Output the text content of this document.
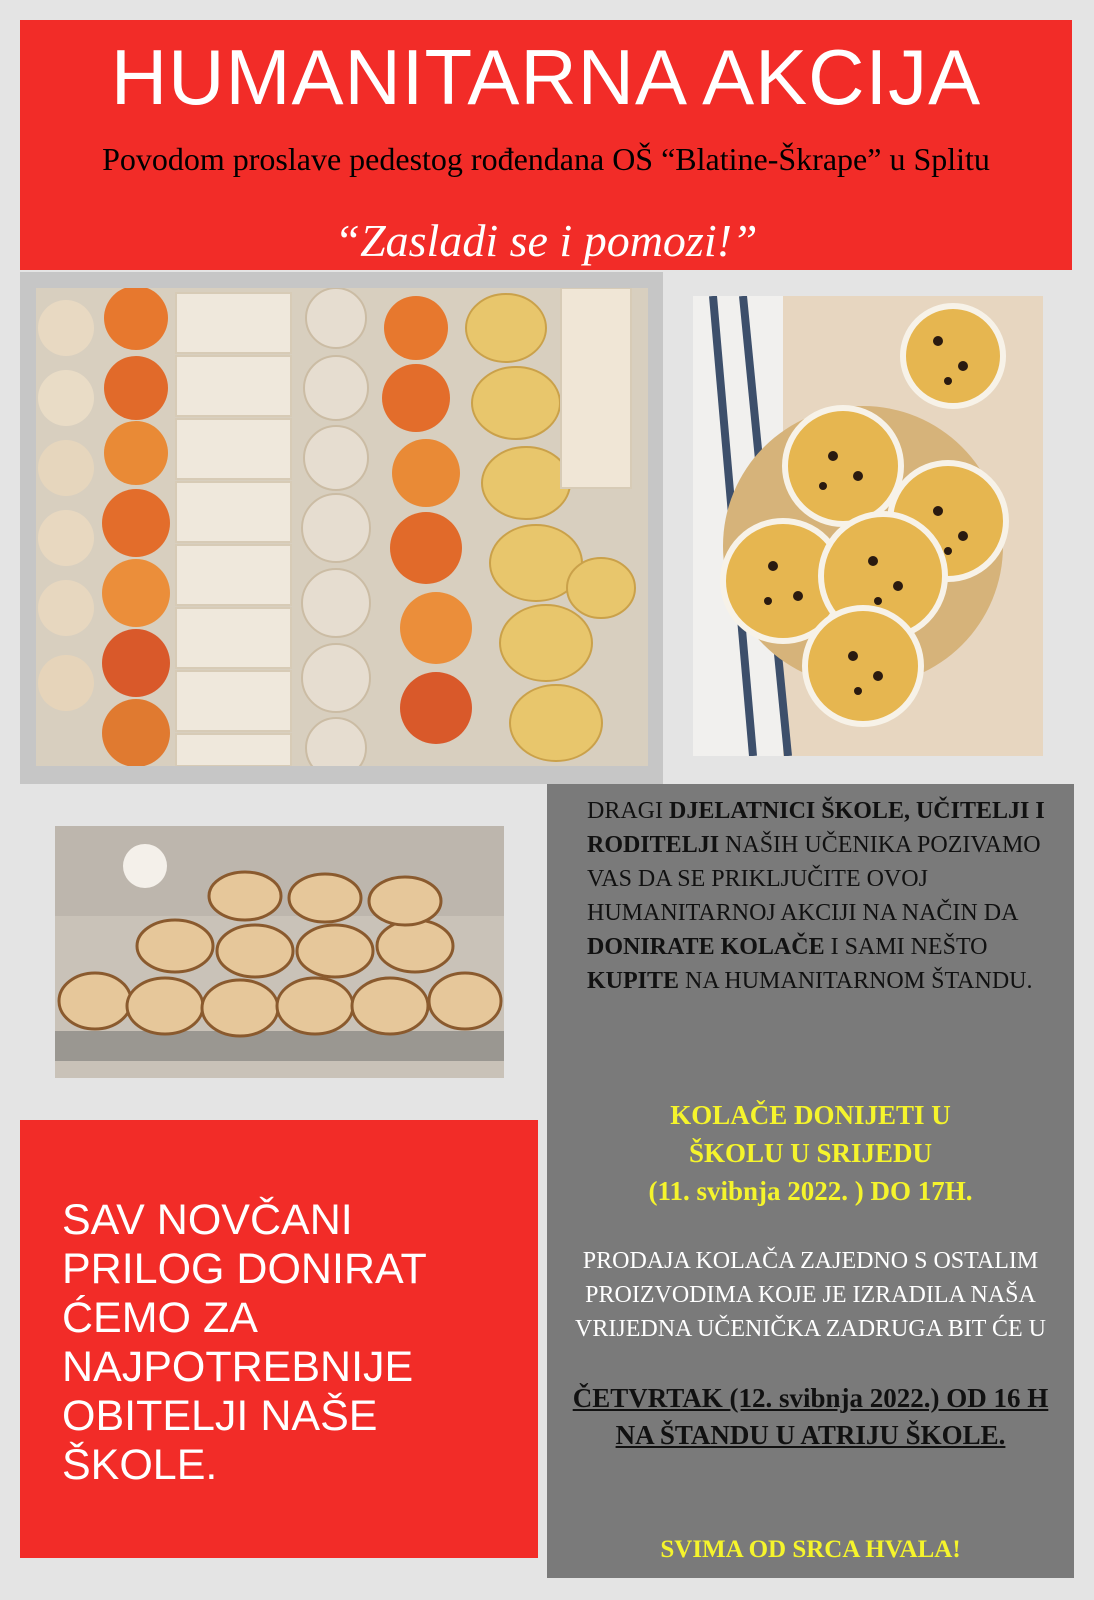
HUMANITARNA AKCIJA
Povodom proslave pedestog rođendana OŠ “Blatine-Škrape” u Splitu
“Zasladi se i pomozi!”
DRAGI DJELATNICI ŠKOLE, UČITELJI I RODITELJI NAŠIH UČENIKA POZIVAMO VAS DA SE PRIKLJUČITE OVOJ HUMANITARNOJ AKCIJI NA NAČIN DA DONIRATE KOLAČE I SAMI NEŠTO KUPITE NA HUMANITARNOM ŠTANDU.
KOLAČE DONIJETI U
ŠKOLU U SRIJEDU
(11. svibnja 2022. ) DO 17H.
PRODAJA KOLAČA ZAJEDNO S OSTALIM PROIZVODIMA KOJE JE IZRADILA NAŠA VRIJEDNA UČENIČKA ZADRUGA BIT ĆE U
ČETVRTAK (12. svibnja 2022.) OD 16 H NA ŠTANDU U ATRIJU ŠKOLE.
SVIMA OD SRCA HVALA!
SAV NOVČANI PRILOG DONIRAT ĆEMO ZA NAJPOTREBNIJE OBITELJI NAŠE ŠKOLE.
